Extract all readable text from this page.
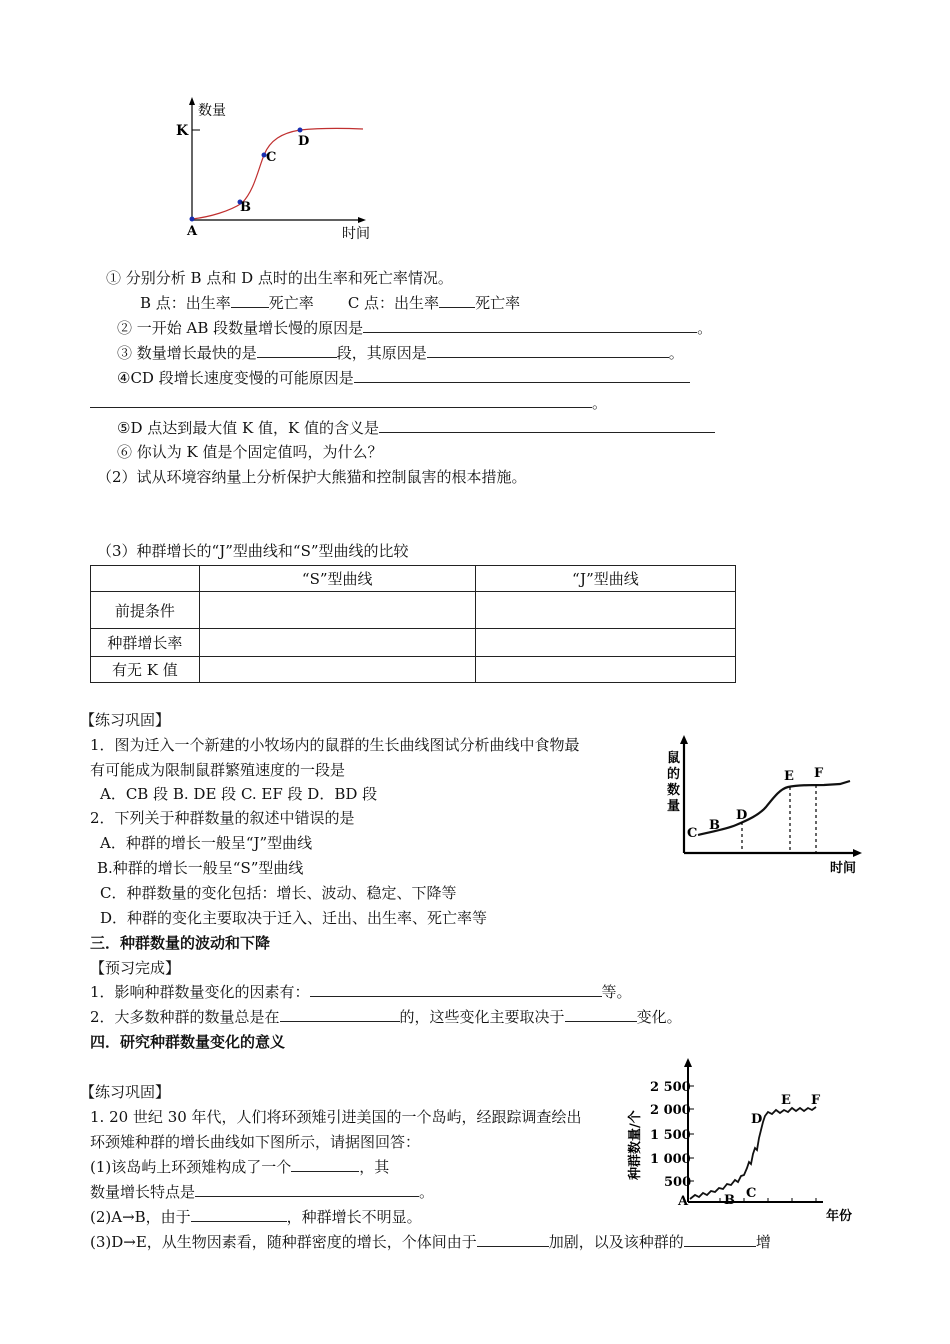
数量
K
A
B
C
D
时间
① 分别分析 B 点和 D 点时的出生率和死亡率情况。
B 点：出生率	死亡率 C 点：出生率 死亡率
② 一开始 AB 段数量增长慢的原因是	。
③ 数量增长最快的是	段，其原因是	。
④CD 段增长速度变慢的可能原因是
。
⑤D 点达到最大值 K 值，K 值的含义是
⑥ 你认为 K 值是个固定值吗，为什么？
（2）试从环境容纳量上分析保护大熊猫和控制鼠害的根本措施。
（3）种群增长的“J”型曲线和“S”型曲线的比较
	“S”型曲线	“J”型曲线
前提条件		
种群增长率		
有无 K 值		
【练习巩固】
1．图为迁入一个新建的小牧场内的鼠群的生长曲线图试分析曲线中食物最
有可能成为限制鼠群繁殖速度的一段是
A．CB 段 B. DE 段 C. EF 段 D．BD 段
2．下列关于种群数量的叙述中错误的是
A．种群的增长一般呈“J”型曲线
B.种群的增长一般呈“S”型曲线
C．种群数量的变化包括：增长、波动、稳定、下降等
D．种群的变化主要取决于迁入、迁出、出生率、死亡率等
鼠
的
数
量
C
B
D
E F
时间
三．种群数量的波动和下降
【预习完成】
1．影响种群数量变化的因素有：	等。
2．大多数种群的数量总是在	的，这些变化主要取决于	变化。
四．研究种群数量变化的意义
【练习巩固】
1. 20 世纪 30 年代，人们将环颈雉引进美国的一个岛屿，经跟踪调查绘出
环颈雉种群的增长曲线如下图所示，请据图回答：
(1)该岛屿上环颈雉构成了一个	，其
数量增长特点是	。
(2)A→B，由于	，种群增长不明显。
(3)D→E，从生物因素看，随种群密度的增长，个体间由于	加剧，以及该种群的	增
种群数量/个
2 500
2 000
1 500
1 000
500
A	B C
D
E F
年份
